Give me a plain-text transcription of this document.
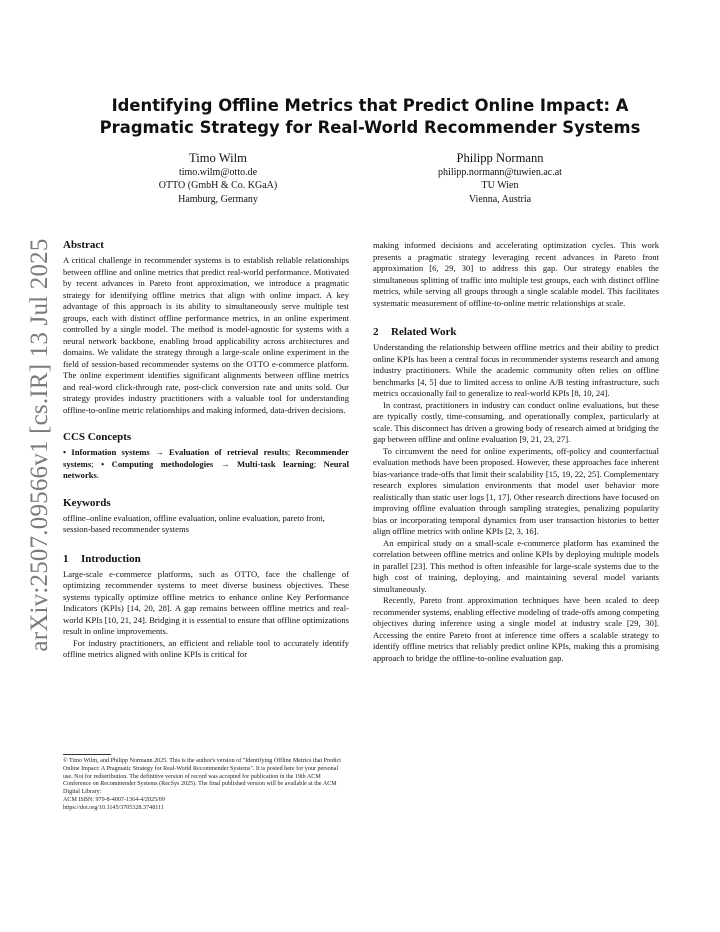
arXiv:2507.09566v1 [cs.IR] 13 Jul 2025
Identifying Offline Metrics that Predict Online Impact: A Pragmatic Strategy for Real-World Recommender Systems
Timo Wilm
timo.wilm@otto.de
OTTO (GmbH & Co. KGaA)
Hamburg, Germany
Philipp Normann
philipp.normann@tuwien.ac.at
TU Wien
Vienna, Austria
Abstract

A critical challenge in recommender systems is to establish reliable relationships between offline and online metrics that predict real-world performance. Motivated by recent advances in Pareto front approximation, we introduce a pragmatic strategy for identifying offline metrics that align with online impact. A key advantage of this approach is its ability to simultaneously serve multiple test groups, each with distinct offline performance metrics, in an online experiment controlled by a single model. The method is model-agnostic for systems with a neural network backbone, enabling broad applicability across architectures and domains. We validate the strategy through a large-scale online experiment in the field of session-based recommender systems on the OTTO e-commerce platform. The online experiment identifies significant alignments between offline metrics and real-word click-through rate, post-click conversion rate and units sold. Our strategy provides industry practitioners with a valuable tool for understanding offline-to-online metric relationships and making informed, data-driven decisions.

CCS Concepts

• Information systems → Evaluation of retrieval results; Recommender systems; • Computing methodologies → Multi-task learning; Neural networks.

Keywords

offline–online evaluation, offline evaluation, online evaluation, pareto front, session-based recommender systems

1 Introduction

Large-scale e-commerce platforms, such as OTTO, face the challenge of optimizing recommender systems to meet diverse business objectives. These systems typically optimize offline metrics to enhance online Key Performance Indicators (KPIs) [14, 20, 28]. A gap remains between offline metrics and real-world KPIs [10, 21, 24]. Bridging it is essential to ensure that offline optimizations result in online improvements.

For industry practitioners, an efficient and reliable tool to accurately identify offline metrics aligned with online KPIs is critical for

© Timo Wilm, and Philipp Normann 2025. This is the author's version of "Identifying Offline Metrics that Predict Online Impact: A Pragmatic Strategy for Real-World Recommender Systems". It is posted here for your personal use. Not for redistribution. The definitive version of record was accepted for publication in the 19th ACM Conference on Recommender Systems (RecSys 2025). The final published version will be available at the ACM Digital Library:
ACM ISBN: 979-8-4007-1364-4/2025/09
https://doi.org/10.1145/3705328.3748111

making informed decisions and accelerating optimization cycles. This work presents a pragmatic strategy leveraging recent advances in Pareto front approximation [6, 29, 30] to address this gap. Our strategy enables the simultaneous splitting of traffic into multiple test groups, each with distinct offline metrics, while serving all groups through a single scalable model. This facilitates systematic measurement of offline-to-online metric relationships at scale.

2 Related Work

Understanding the relationship between offline metrics and their ability to predict online KPIs has been a central focus in recommender systems research and among industry practitioners. While the academic community often relies on offline benchmarks [4, 5] due to limited access to online A/B testing infrastructure, such metrics occasionally fail to generalize to real-world KPIs [8, 10, 24].

In contrast, practitioners in industry can conduct online evaluations, but these are typically costly, time-consuming, and operationally complex, particularly at scale. This disconnect has driven a growing body of research aimed at bridging the gap between offline and online evaluation [9, 21, 23, 27].

To circumvent the need for online experiments, off-policy and counterfactual evaluation methods have been proposed. However, these approaches face inherent bias-variance trade-offs that limit their scalability [15, 19, 22, 25]. Complementary research explores simulation environments that model user behavior more realistically than static user logs [1, 17]. Other research directions have focused on improving offline evaluation through sampling strategies, penalizing popularity bias or incorporating temporal dynamics from user transaction histories to better align offline metrics with online KPIs [2, 3, 16].

An empirical study on a small-scale e-commerce platform has examined the correlation between offline metrics and online KPIs by deploying multiple models in parallel [23]. This method is often infeasible for large-scale systems due to the high cost of training, deploying, and maintaining several model variants simultaneously.

Recently, Pareto front approximation techniques have been scaled to deep recommender systems, enabling effective modeling of trade-offs among competing objectives during inference using a single model at industry scale [29, 30]. Accessing the entire Pareto front at inference time offers a scalable strategy to identify offline metrics that reliably predict online KPIs, making this a promising approach to bridge the offline-to-online evaluation gap.
